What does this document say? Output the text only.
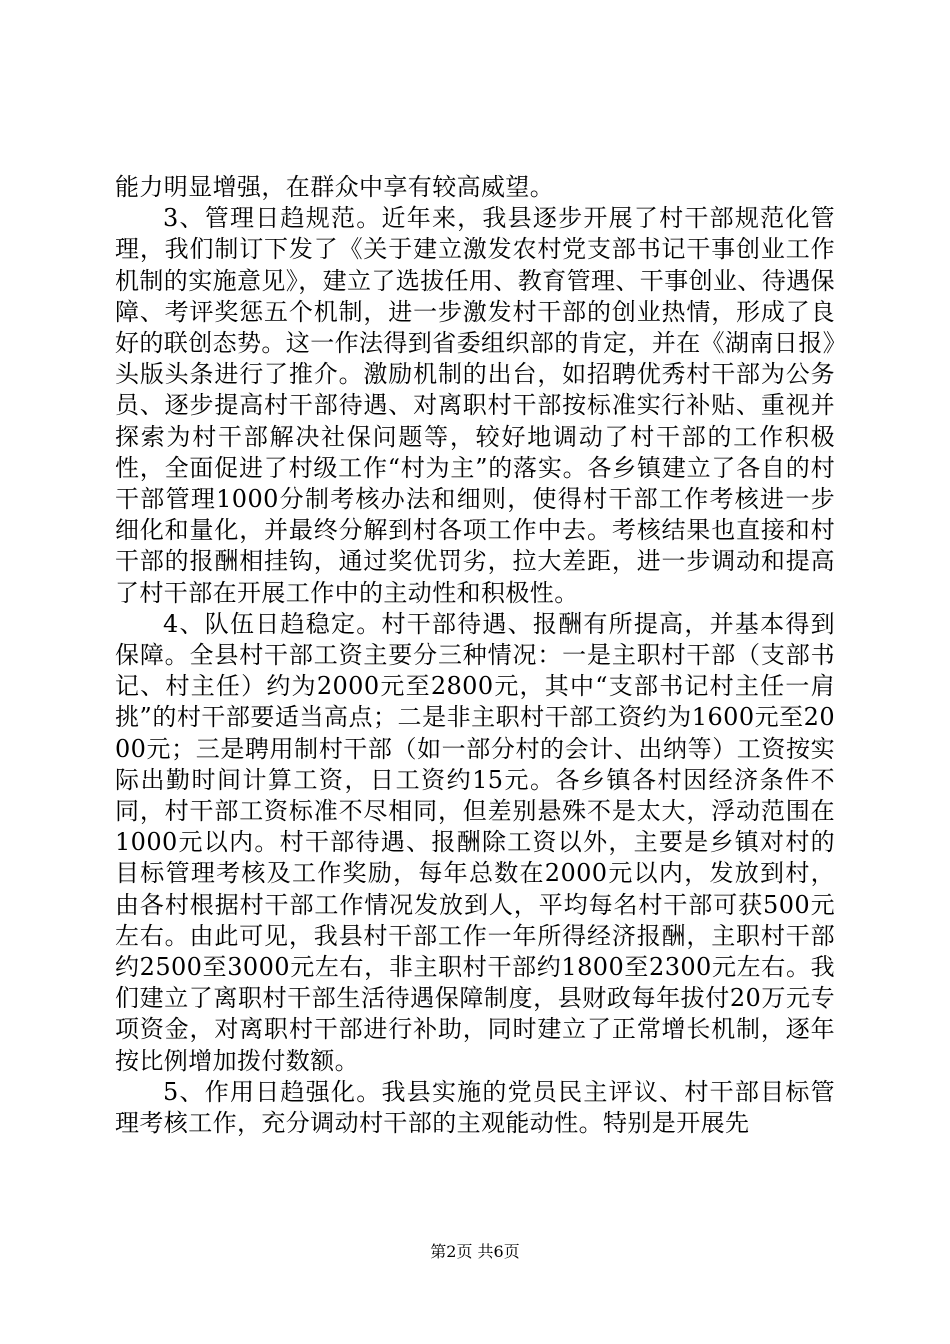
能力明显增强，在群众中享有较高威望。

3、管理日趋规范。近年来，我县逐步开展了村干部规范化管理，我们制订下发了《关于建立激发农村党支部书记干事创业工作机制的实施意见》，建立了选拔任用、教育管理、干事创业、待遇保障、考评奖惩五个机制，进一步激发村干部的创业热情，形成了良好的联创态势。这一作法得到省委组织部的肯定，并在《湖南日报》头版头条进行了推介。激励机制的出台，如招聘优秀村干部为公务员、逐步提高村干部待遇、对离职村干部按标准实行补贴、重视并探索为村干部解决社保问题等，较好地调动了村干部的工作积极性，全面促进了村级工作“村为主”的落实。各乡镇建立了各自的村干部管理1000分制考核办法和细则，使得村干部工作考核进一步细化和量化，并最终分解到村各项工作中去。考核结果也直接和村干部的报酬相挂钩，通过奖优罚劣，拉大差距，进一步调动和提高了村干部在开展工作中的主动性和积极性。

4、队伍日趋稳定。村干部待遇、报酬有所提高，并基本得到保障。全县村干部工资主要分三种情况：一是主职村干部（支部书记、村主任）约为2000元至2800元，其中“支部书记村主任一肩挑”的村干部要适当高点；二是非主职村干部工资约为1600元至2000元；三是聘用制村干部（如一部分村的会计、出纳等）工资按实际出勤时间计算工资，日工资约15元。各乡镇各村因经济条件不同，村干部工资标准不尽相同，但差别悬殊不是太大，浮动范围在1000元以内。村干部待遇、报酬除工资以外，主要是乡镇对村的目标管理考核及工作奖励，每年总数在2000元以内，发放到村，由各村根据村干部工作情况发放到人，平均每名村干部可获500元左右。由此可见，我县村干部工作一年所得经济报酬，主职村干部约2500至3000元左右，非主职村干部约1800至2300元左右。我们建立了离职村干部生活待遇保障制度，县财政每年拔付20万元专项资金，对离职村干部进行补助，同时建立了正常增长机制，逐年按比例增加拨付数额。

5、作用日趋强化。我县实施的党员民主评议、村干部目标管理考核工作，充分调动村干部的主观能动性。特别是开展先

第2页 共6页
